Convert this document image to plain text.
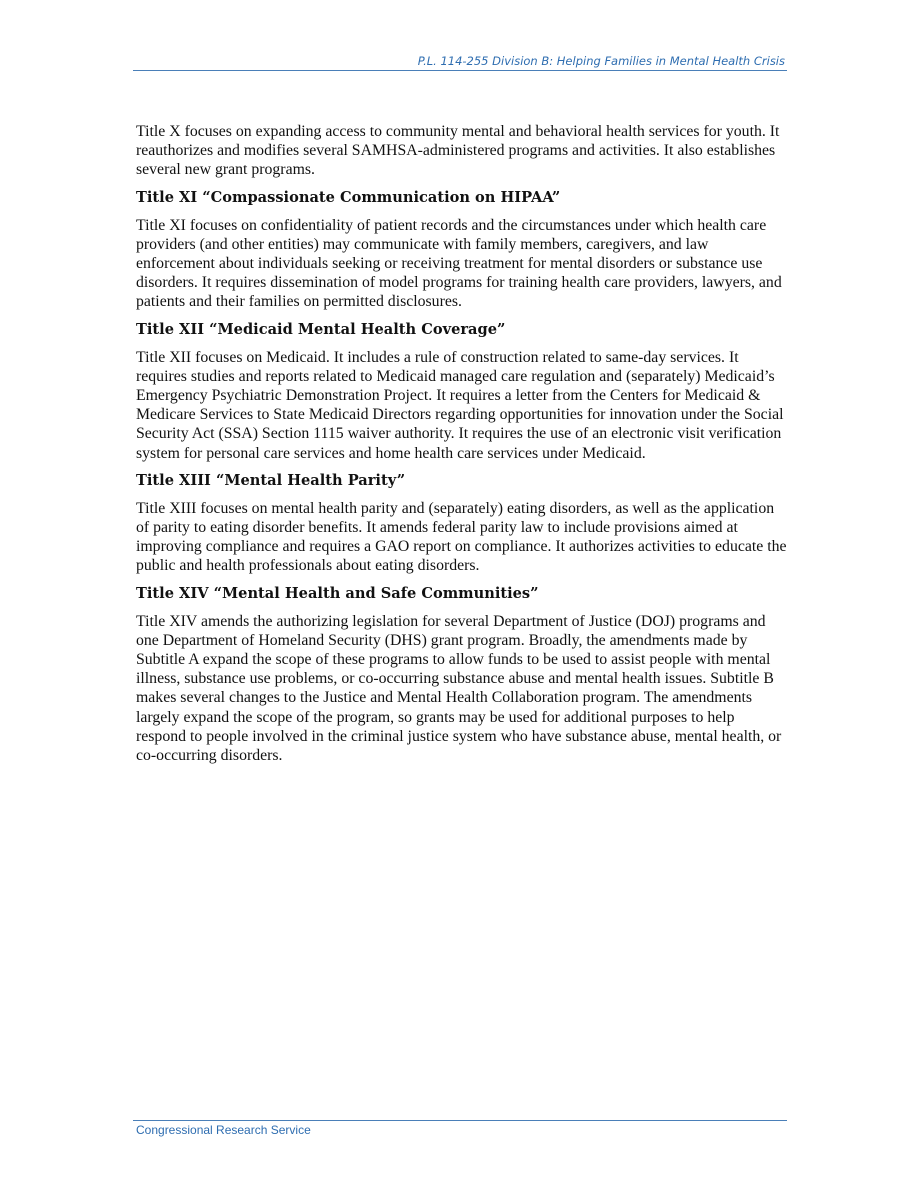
P.L. 114-255 Division B: Helping Families in Mental Health Crisis

Title X focuses on expanding access to community mental and behavioral health services for youth. It reauthorizes and modifies several SAMHSA-administered programs and activities. It also establishes several new grant programs.

Title XI “Compassionate Communication on HIPAA”

Title XI focuses on confidentiality of patient records and the circumstances under which health care providers (and other entities) may communicate with family members, caregivers, and law enforcement about individuals seeking or receiving treatment for mental disorders or substance use disorders. It requires dissemination of model programs for training health care providers, lawyers, and patients and their families on permitted disclosures.

Title XII “Medicaid Mental Health Coverage”

Title XII focuses on Medicaid. It includes a rule of construction related to same-day services. It requires studies and reports related to Medicaid managed care regulation and (separately) Medicaid’s Emergency Psychiatric Demonstration Project. It requires a letter from the Centers for Medicaid & Medicare Services to State Medicaid Directors regarding opportunities for innovation under the Social Security Act (SSA) Section 1115 waiver authority. It requires the use of an electronic visit verification system for personal care services and home health care services under Medicaid.

Title XIII “Mental Health Parity”

Title XIII focuses on mental health parity and (separately) eating disorders, as well as the application of parity to eating disorder benefits. It amends federal parity law to include provisions aimed at improving compliance and requires a GAO report on compliance. It authorizes activities to educate the public and health professionals about eating disorders.

Title XIV “Mental Health and Safe Communities”

Title XIV amends the authorizing legislation for several Department of Justice (DOJ) programs and one Department of Homeland Security (DHS) grant program. Broadly, the amendments made by Subtitle A expand the scope of these programs to allow funds to be used to assist people with mental illness, substance use problems, or co-occurring substance abuse and mental health issues. Subtitle B makes several changes to the Justice and Mental Health Collaboration program. The amendments largely expand the scope of the program, so grants may be used for additional purposes to help respond to people involved in the criminal justice system who have substance abuse, mental health, or co-occurring disorders.

Congressional Research Service
